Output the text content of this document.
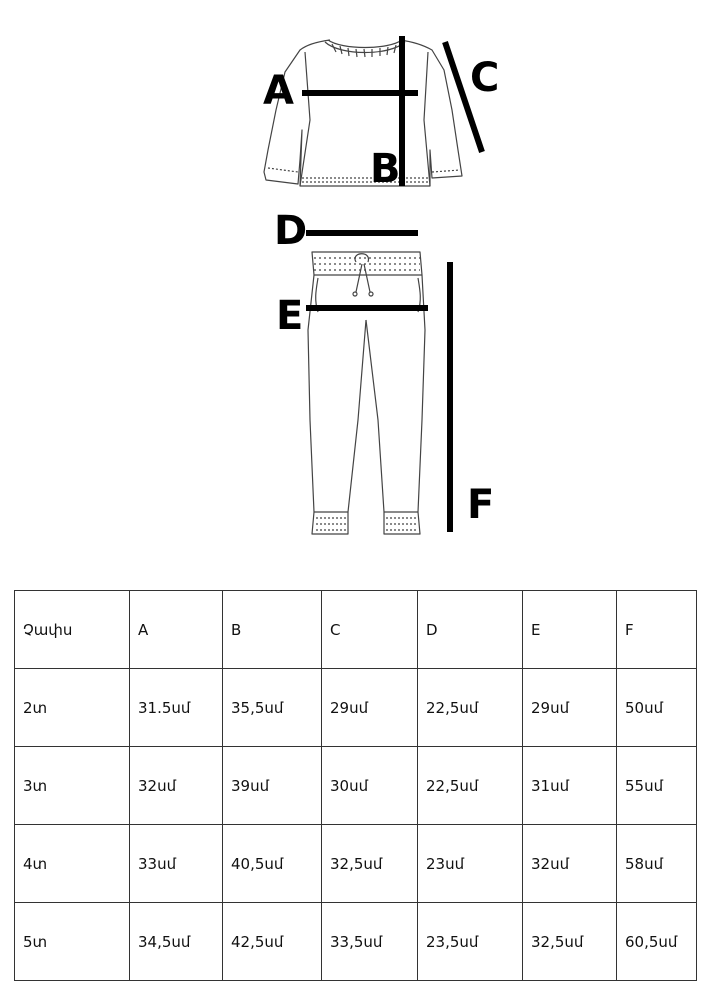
A
B
C
D
E
F
Չափս	A	B	C	D	E	F
2տ	31.5սմ	35,5սմ	29սմ	22,5սմ	29սմ	50սմ
3տ	32սմ	39սմ	30սմ	22,5սմ	31սմ	55սմ
4տ	33սմ	40,5սմ	32,5սմ	23սմ	32սմ	58սմ
5տ	34,5սմ	42,5սմ	33,5սմ	23,5սմ	32,5սմ	60,5սմ
